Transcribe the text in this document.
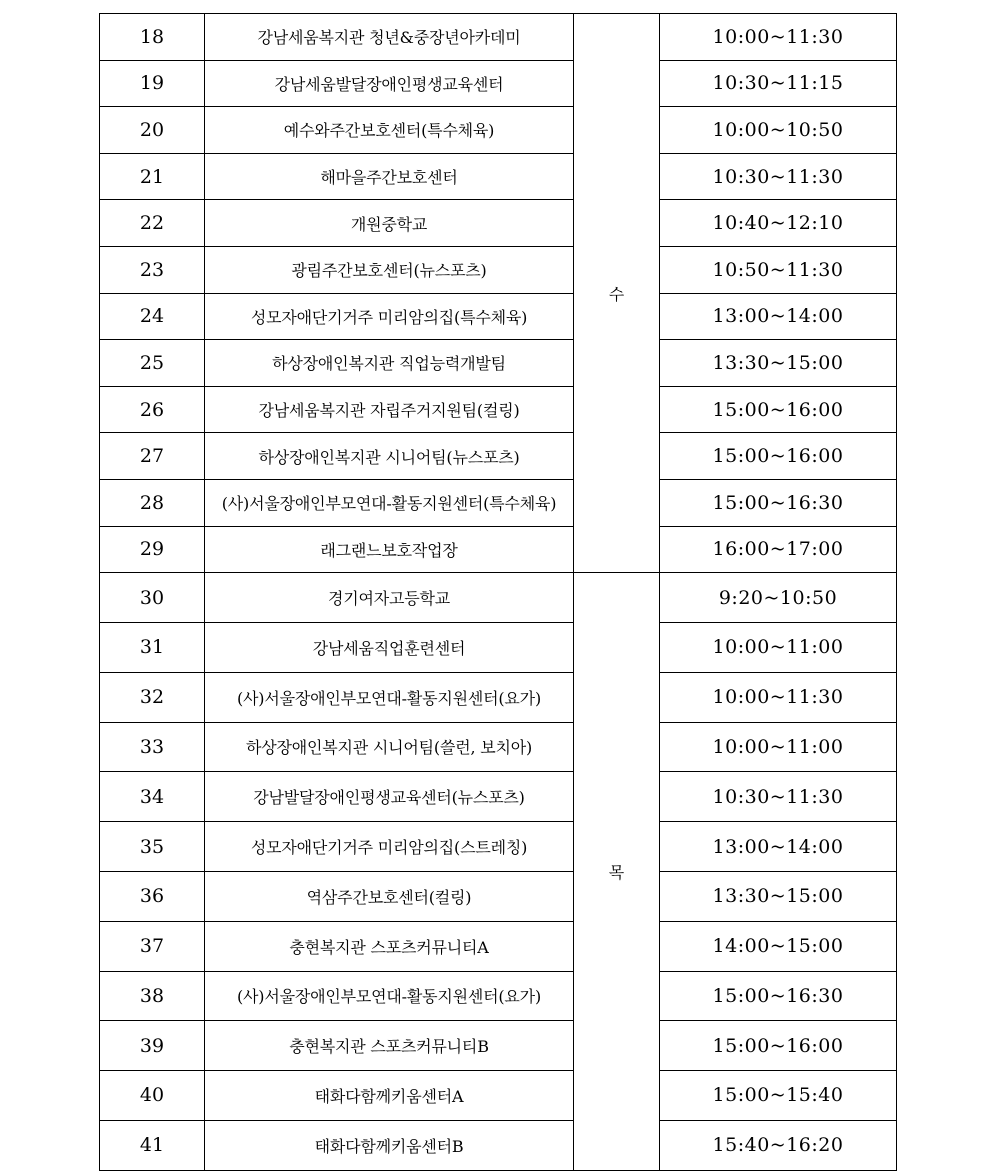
18	강남세움복지관 청년&중장년아카데미	수	10:00~11:30
19	강남세움발달장애인평생교육센터		10:30~11:15
20	예수와주간보호센터(특수체육)		10:00~10:50
21	해마을주간보호센터		10:30~11:30
22	개원중학교		10:40~12:10
23	광림주간보호센터(뉴스포츠)		10:50~11:30
24	성모자애단기거주 미리암의집(특수체육)		13:00~14:00
25	하상장애인복지관 직업능력개발팀		13:30~15:00
26	강남세움복지관 자립주거지원팀(컬링)		15:00~16:00
27	하상장애인복지관 시니어팀(뉴스포츠)		15:00~16:00
28	(사)서울장애인부모연대-활동지원센터(특수체육)		15:00~16:30
29	래그랜느보호작업장		16:00~17:00
30	경기여자고등학교	목	9:20~10:50
31	강남세움직업훈련센터		10:00~11:00
32	(사)서울장애인부모연대-활동지원센터(요가)		10:00~11:30
33	하상장애인복지관 시니어팀(쓸런, 보치아)		10:00~11:00
34	강남발달장애인평생교육센터(뉴스포츠)		10:30~11:30
35	성모자애단기거주 미리암의집(스트레칭)		13:00~14:00
36	역삼주간보호센터(컬링)		13:30~15:00
37	충현복지관 스포츠커뮤니티A		14:00~15:00
38	(사)서울장애인부모연대-활동지원센터(요가)		15:00~16:30
39	충현복지관 스포츠커뮤니티B		15:00~16:00
40	태화다함께키움센터A		15:00~15:40
41	태화다함께키움센터B		15:40~16:20
